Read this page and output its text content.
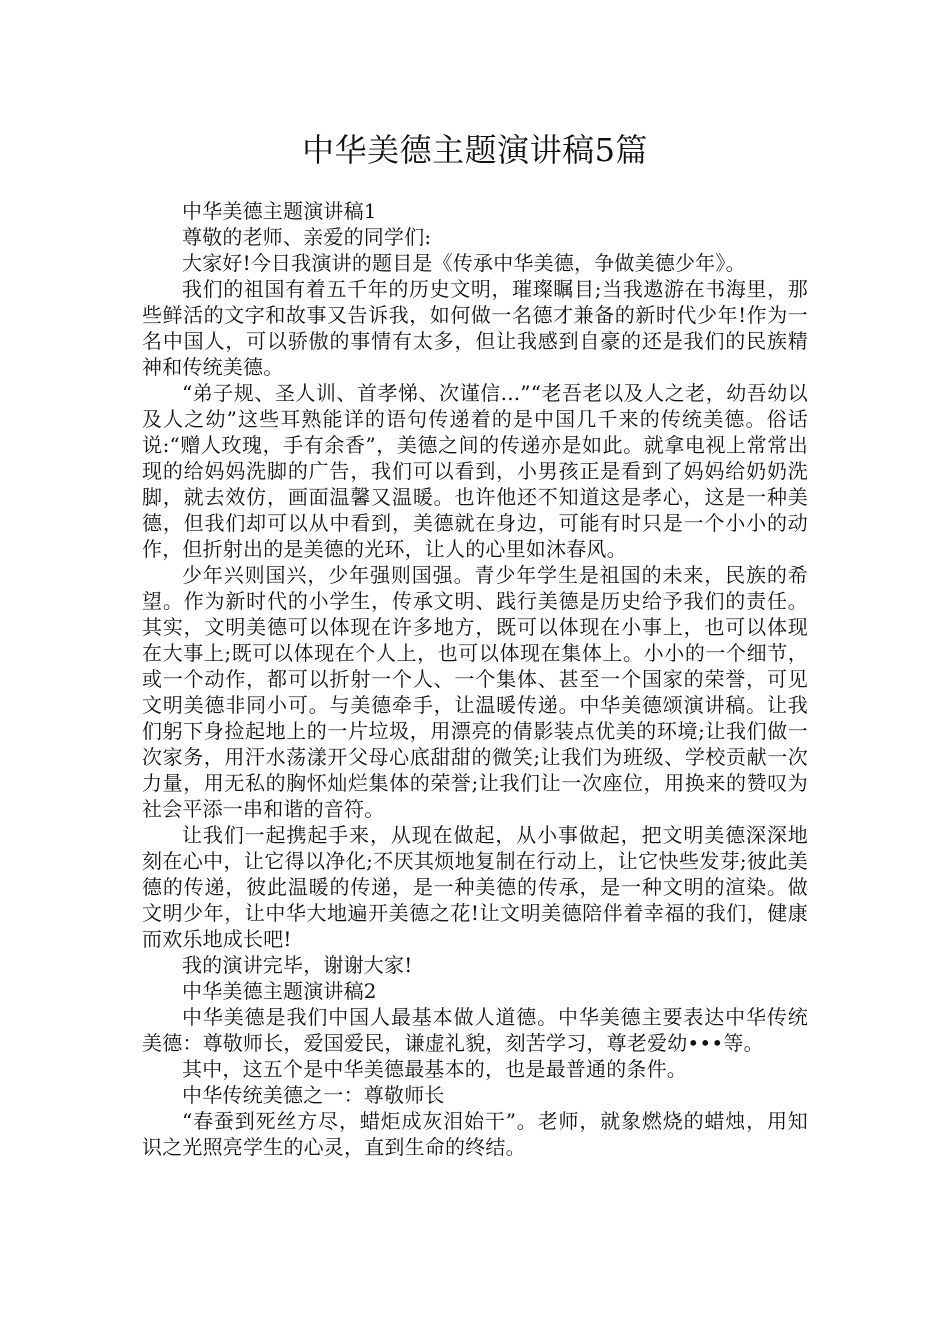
中华美德主题演讲稿5篇

中华美德主题演讲稿1

尊敬的老师、亲爱的同学们:

大家好!今日我演讲的题目是《传承中华美德，争做美德少年》。

我们的祖国有着五千年的历史文明，璀璨瞩目;当我遨游在书海里，那些鲜活的文字和故事又告诉我，如何做一名德才兼备的新时代少年!作为一名中国人，可以骄傲的事情有太多，但让我感到自豪的还是我们的民族精神和传统美德。

“弟子规、圣人训、首孝悌、次谨信...”“老吾老以及人之老，幼吾幼以及人之幼”这些耳熟能详的语句传递着的是中国几千来的传统美德。俗话说:“赠人玫瑰，手有余香”，美德之间的传递亦是如此。就拿电视上常常出现的给妈妈洗脚的广告，我们可以看到，小男孩正是看到了妈妈给奶奶洗脚，就去效仿，画面温馨又温暖。也许他还不知道这是孝心，这是一种美德，但我们却可以从中看到，美德就在身边，可能有时只是一个小小的动作，但折射出的是美德的光环，让人的心里如沐春风。

少年兴则国兴，少年强则国强。青少年学生是祖国的未来，民族的希望。作为新时代的小学生，传承文明、践行美德是历史给予我们的责任。其实，文明美德可以体现在许多地方，既可以体现在小事上，也可以体现在大事上;既可以体现在个人上，也可以体现在集体上。小小的一个细节，或一个动作，都可以折射一个人、一个集体、甚至一个国家的荣誉，可见文明美德非同小可。与美德牵手，让温暖传递。中华美德颂演讲稿。让我们躬下身捡起地上的一片垃圾，用漂亮的倩影装点优美的环境;让我们做一次家务，用汗水荡漾开父母心底甜甜的微笑;让我们为班级、学校贡献一次力量，用无私的胸怀灿烂集体的荣誉;让我们让一次座位，用换来的赞叹为社会平添一串和谐的音符。

让我们一起携起手来，从现在做起，从小事做起，把文明美德深深地刻在心中，让它得以净化;不厌其烦地复制在行动上，让它快些发芽;彼此美德的传递，彼此温暖的传递，是一种美德的传承，是一种文明的渲染。做文明少年，让中华大地遍开美德之花!让文明美德陪伴着幸福的我们，健康而欢乐地成长吧!

我的演讲完毕，谢谢大家!

中华美德主题演讲稿2

中华美德是我们中国人最基本做人道德。中华美德主要表达中华传统美德：尊敬师长，爱国爱民，谦虚礼貌，刻苦学习，尊老爱幼•••等。

其中，这五个是中华美德最基本的，也是最普通的条件。

中华传统美德之一：尊敬师长

“春蚕到死丝方尽，蜡炬成灰泪始干”。老师，就象燃烧的蜡烛，用知识之光照亮学生的心灵，直到生命的终结。
